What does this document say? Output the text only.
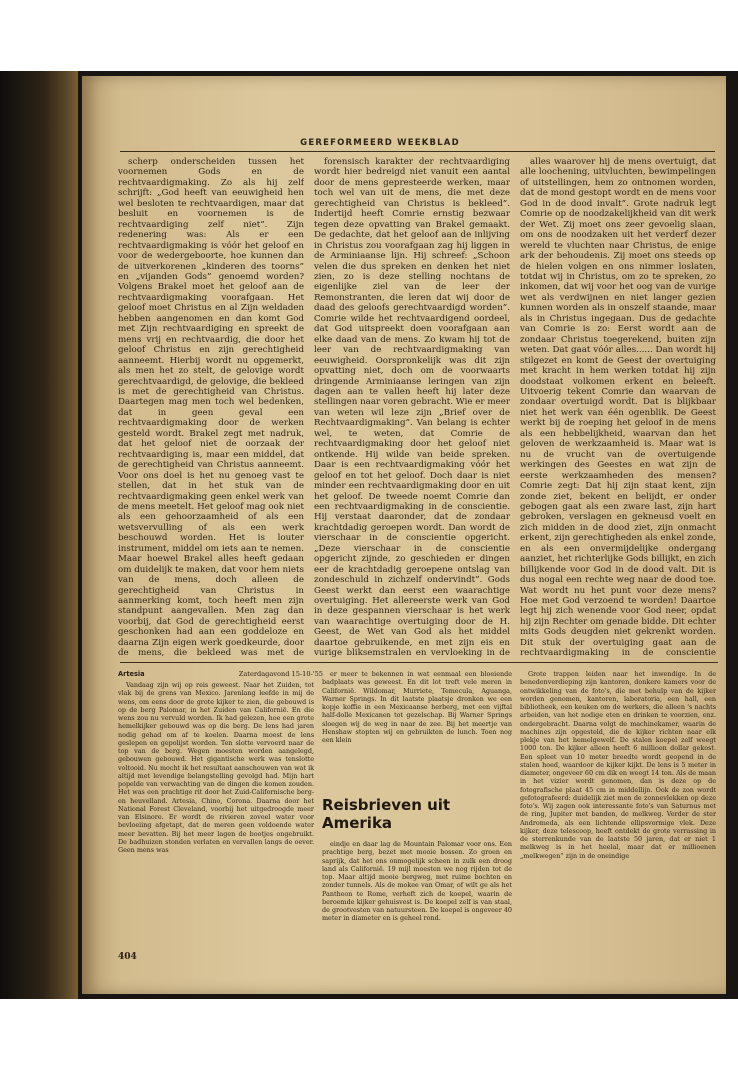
GEREFORMEERD WEEKBLAD

scherp onderscheiden tussen het voornemen Gods en de rechtvaardigmaking. Zo als hij zelf schrijft: „God heeft van eeuwigheid hen wel besloten te rechtvaardigen, maar dat besluit en voornemen is de rechtvaardiging zelf niet”. Zijn redenering was: Als er een rechtvaardigmaking is vóór het geloof en voor de wedergeboorte, hoe kunnen dan de uitverkorenen „kinderen des toorns” en „vijanden Gods” genoemd worden? Volgens Brakel moet het geloof aan de rechtvaardigmaking voorafgaan. Het geloof moet Christus en al Zijn weldaden hebben aangenomen en dan komt God met Zijn rechtvaardiging en spreekt de mens vrij en rechtvaardig, die door het geloof Christus en zijn gerechtigheid aanneemt. Hierbij wordt nu opgemerkt, als men het zo stelt, de gelovige wordt gerechtvaardigd, de gelovige, die bekleed is met de gerechtigheid van Christus. Daartegen mag men toch wel bedenken, dat in geen geval een rechtvaardigmaking door de werken gesteld wordt. Brakel zegt met nadruk, dat het geloof niet de oorzaak der rechtvaardiging is, maar een middel, dat de gerechtigheid van Christus aanneemt. Voor ons doel is het nu genoeg vast te stellen, dat in het stuk van de rechtvaardigmaking geen enkel werk van de mens meetelt. Het geloof mag ook niet als een gehoorzaamheid of als een wetsvervulling of als een werk beschouwd worden. Het is louter instrument, middel om iets aan te nemen. Maar hoewel Brakel alles heeft gedaan om duidelijk te maken, dat voor hem niets van de mens, doch alleen de gerechtigheid van Christus in aanmerking komt, toch heeft men zijn standpunt aangevallen. Men zag dan voorbij, dat God de gerechtigheid eerst geschonken had aan een goddeloze en daarna Zijn eigen werk goedkeurde, door de mens, die bekleed was met de

forensisch karakter der rechtvaardiging wordt hier bedreigd niet vanuit een aantal door de mens gepresteerde werken, maar toch wel van uit de mens, die met deze gerechtigheid van Christus is bekleed”. Indertijd heeft Comrie ernstig bezwaar tegen deze opvatting van Brakel gemaakt. De gedachte, dat het geloof aan de inlijving in Christus zou voorafgaan zag hij liggen in de Arminiaanse lijn. Hij schreef: „Schoon velen die dus spreken en denken het niet zien, zo is deze stelling nochtans de eigenlijke ziel van de leer der Remonstranten, die leren dat wij door de daad des geloofs gerechtvaardigd worden”. Comrie wilde het rechtvaardigend oordeel, dat God uitspreekt doen voorafgaan aan elke daad van de mens. Zo kwam hij tot de leer van de rechtvaardigmaking van eeuwigheid. Oorspronkelijk was dit zijn opvatting niet, doch om de voorwaarts dringende Arminiaanse leringen van zijn dagen aan te vallen heeft hij later deze stellingen naar voren gebracht. Wie er meer van weten wil leze zijn „Brief over de Rechtvaardigmaking”. Van belang is echter wel, te weten, dat Comrie de rechtvaardigmaking door het geloof niet ontkende. Hij wilde van beide spreken. Daar is een rechtvaardigmaking vóór het geloof en tot het geloof. Doch daar is niet minder een rechtvaardigmaking door en uit het geloof. De tweede noemt Comrie dan een rechtvaardigmaking in de conscientie. Hij verstaat daaronder, dat de zondaar krachtdadig geroepen wordt. Dan wordt de vierschaar in de conscientie opgericht. „Deze vierschaar in de conscientie opgericht zijnde, zo geschieden er dingen eer de krachtdadig geroepene ontslag van zondeschuld in zichzelf ondervindt”. Gods Geest werkt dan eerst een waarachtige overtuiging. Het allereerste werk van God in deze gespannen vierschaar is het werk van waarachtige overtuiging door de H. Geest, de Wet van God als het middel daartoe gebruikende, en met zijn eis en vurige bliksemstralen en vervloeking in de

alles waarover hij de mens overtuigt, dat alle loochening, uitvluchten, bewimpelingen of uitstellingen, hem zo ontnomen worden, dat de mond gestopt wordt en de mens voor God in de dood invalt”. Grote nadruk legt Comrie op de noodzakelijkheid van dit werk der Wet. Zij moet ons zeer gevoelig slaan, om ons de noodzaken uit het verderf dezer wereld te vluchten naar Christus, de enige ark der behoudenis. Zij moet ons steeds op de hielen volgen en ons nimmer loslaten, totdat wij in Christus, om zo te spreken, zo inkomen, dat wij voor het oog van de vurige wet als verdwijnen en niet langer gezien kunnen worden als in onszelf staande, maar als in Christus ingegaan. Dus de gedachte van Comrie is zo: Eerst wordt aan de zondaar Christus toegerekend, buiten zijn weten. Dat gaat vóór alles...... Dan wordt hij stilgezet en komt de Geest der overtuiging met kracht in hem werken totdat hij zijn doodstaat volkomen erkent en beleeft. Uitvoerig tekent Comrie dan waarvan de zondaar overtuigd wordt. Dat is blijkbaar niet het werk van één ogenblik. De Geest werkt bij de roeping het geloof in de mens als een hebbelijkheid, waarvan dan het geloven de werkzaamheid is. Maar wat is nu de vrucht van de overtuigende werkingen des Geestes en wat zijn de eerste werkzaamheden des mensen? Comrie zegt: Dat hij zijn staat kent, zijn zonde ziet, bekent en belijdt, er onder gebogen gaat als een zware last, zijn hart gebroken, verslagen en gekneusd voelt en zich midden in de dood ziet, zijn onmacht erkent, zijn gerechtigheden als enkel zonde, en als een onvermijdelijke ondergang aanziet, het richterlijke Gods billijkt, en zich billijkende voor God in de dood valt. Dit is dus nogal een rechte weg naar de dood toe. Wat wordt nu het punt voor deze mens? Hoe met God verzoend te worden! Daartoe legt hij zich wenende voor God neer, opdat hij zijn Rechter om genade bidde. Dit echter mits Gods deugden niet gekrenkt worden. Dit stuk der overtuiging gaat aan de rechtvaardigmaking in de conscientie

Artesia	Zaterdagavond 15-10-'55

Vandaag zijn wij op reis geweest. Naar het Zuiden, tot vlak bij de grens van Mexico. Jarenlang leefde in mij de wens, om eens door de grote kijker te zien, die gebouwd is op de berg Palomar, in het Zuiden van Californië. En die wens zou nu vervuld worden. Ik had gelezen, hoe een grote hemelkijker gebouwd was op die berg. De lens had jaren nodig gehad om af te koelen. Daarna moest de lens geslepen en gepolijst worden. Ten slotte vervoerd naar de top van de berg. Wegen moesten worden aangelegd, gebouwen gebouwd. Het gigantische werk was tenslotte voltooid. Nu mocht ik het resultaat aanschouwen van wat ik altijd met levendige belangstelling gevolgd had. Mijn hart popelde van verwachting van de dingen die komen zouden. Het was een prachtige rit door het Zuid-Californische berg- en heuvelland. Artesia, Chino, Corona. Daarna door het National Forest Cleveland, voorbij het uitgedroogde meer van Elsinore. Er wordt de rivieren zoveel water voor bevloeiing afgetapt, dat de meren geen voldoende water meer bevatten. Bij het meer lagen de bootjes ongebruikt. De badhuizen stonden verlaten en vervallen langs de oever. Geen mens was

er meer te bekennen in wat eenmaal een bloeiende badplaats was geweest. En dit lot treft vele meren in Californië. Wildomar, Murriete, Temecula, Aguanga, Warner Springs. In dit laatste plaatsje dronken we een kopje koffie in een Mexicaanse herberg, met een vijftal half-dolle Mexicanen tot gezelschap. Bij Warner Springs sloegen wij de weg in naar de zee. Bij het meertje van Henshaw stopten wij en gebruikten de lunch. Toen nog een klein

Reisbrieven uit Amerika

eindje en daar lag de Mountain Palomar voor ons. Een prachtige berg, bezet met mooie bossen. Zo groen en saprijk, dat het ons onmogelijk scheen in zulk een droog land als Californië. 19 mijl moesten we nog rijden tot de top. Maar altijd mooie bergweg, met ruime bochten en zonder tunnels. Als de mokee van Omar, of wilt ge als het Pantheon te Rome, verheft zich de koepel, waarin de beroemde kijker gehuisvest is. De koepel zelf is van staal, de grootvesten van natuursteen. De koepel is ongeveer 40 meter in diameter en is geheel rond.

Grote trappen leiden naar het inwendige. In de benedenverdieping zijn kantoren, donkere kamers voor de ontwikkeling van de foto's, die met behulp van de kijker worden genomen, kantoren, laboratoria, een hall, een bibliotheek, een keuken om de werkers, die alleen 's nachts arbeiden, van het nodige eten en drinken te voorzien, enz. ondergebracht. Daarna volgt de machinekamer, waarin de machines zijn opgesteld, die de kijker richten naar elk plekje van het hemelgewelf. De stalen koepel zelf weegt 1000 ton. De kijker alleen heeft 6 millioen dollar gekost. Een spleet van 10 meter breedte wordt geopend in de stalen hoed, waardoor de kijker kijkt. De lens is 5 meter in diameter, ongeveer 60 cm dik en weegt 14 ton. Als de maan in het vizier wordt genomen, dan is deze op de fotografische plaat 45 cm in middellijn. Ook de zon wordt gefotografeerd: duidelijk ziet men de zonnevlekken op deze foto's. Wij zagen ook interessante foto's van Saturnus met de ring, Jupiter met banden, de melkweg. Verder de ster Andromeda, als een lichtende ellipsvormige vlek. Deze kijker, deze telescoop, heeft ontdekt de grote verrassing in de sterrenkunde van de laatste 50 jaren, dat er niet 1 melkweg is in het heelal, maar dat er millioenen „melkwegen” zijn in de oneindige

404
